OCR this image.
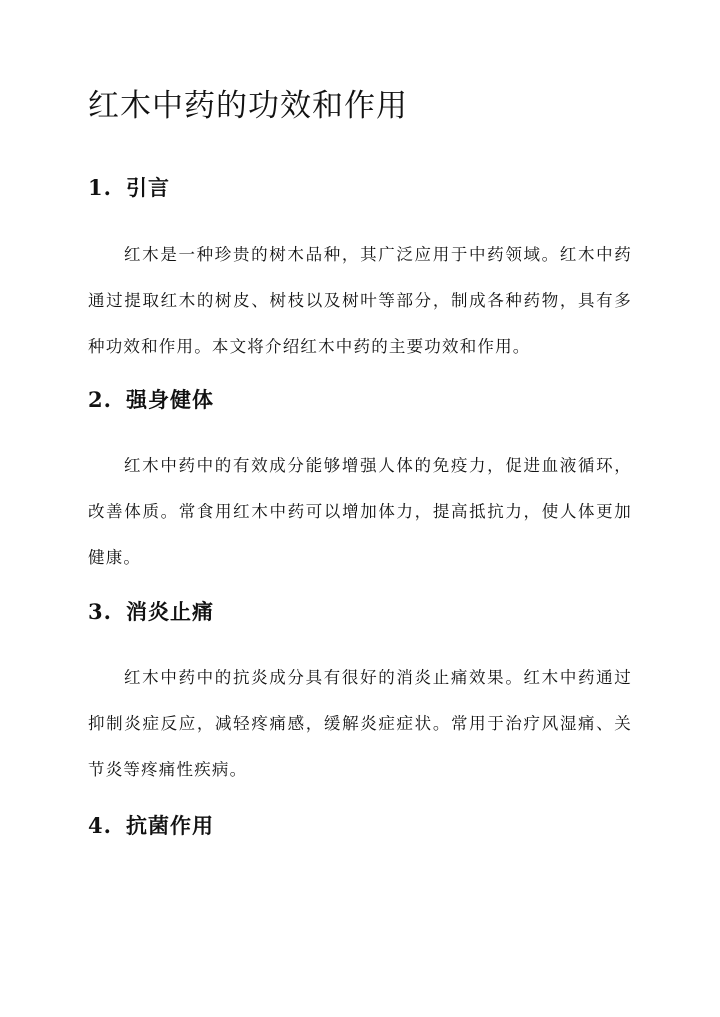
红木中药的功效和作用
1. 引言

红木是一种珍贵的树木品种，其广泛应用于中药领域。红木中药通过提取红木的树皮、树枝以及树叶等部分，制成各种药物，具有多种功效和作用。本文将介绍红木中药的主要功效和作用。

2. 强身健体

红木中药中的有效成分能够增强人体的免疫力，促进血液循环，改善体质。常食用红木中药可以增加体力，提高抵抗力，使人体更加健康。

3. 消炎止痛

红木中药中的抗炎成分具有很好的消炎止痛效果。红木中药通过抑制炎症反应，减轻疼痛感，缓解炎症症状。常用于治疗风湿痛、关节炎等疼痛性疾病。

4. 抗菌作用
